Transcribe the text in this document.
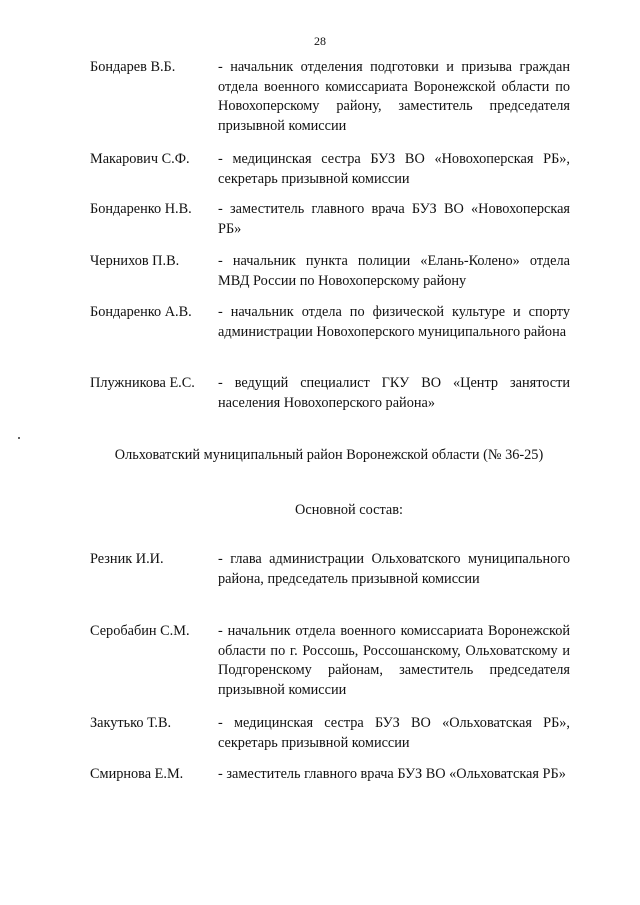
28
Бондарев В.Б.	- начальник отделения подготовки и призыва граждан отдела военного комиссариата Воронежской области по Новохоперскому району, заместитель председателя призывной комиссии
Макарович С.Ф. - медицинская сестра БУЗ ВО «Новохоперская РБ», секретарь призывной комиссии
Бондаренко Н.В. - заместитель главного врача БУЗ ВО «Новохоперская РБ»
Чернихов П.В.	- начальник пункта полиции «Елань-Колено» отдела МВД России по Новохоперскому району
Бондаренко А.В. - начальник отдела по физической культуре и спорту администрации Новохоперского муниципального района
Плужникова Е.С. - ведущий специалист ГКУ ВО «Центр занятости населения Новохоперского района»
Ольховатский муниципальный район Воронежской области (№ 36-25)
Основной состав:
Резник И.И.	- глава администрации Ольховатского муниципального района, председатель призывной комиссии
Серобабин С.М. - начальник отдела военного комиссариата Воронежской области по г. Россошь, Россошанскому, Ольховатскому и Подгоренскому районам, заместитель председателя призывной комиссии
Закутько Т.В.	- медицинская сестра БУЗ ВО «Ольховатская РБ», секретарь призывной комиссии
Смирнова Е.М. - заместитель главного врача БУЗ ВО «Ольховатская РБ»
